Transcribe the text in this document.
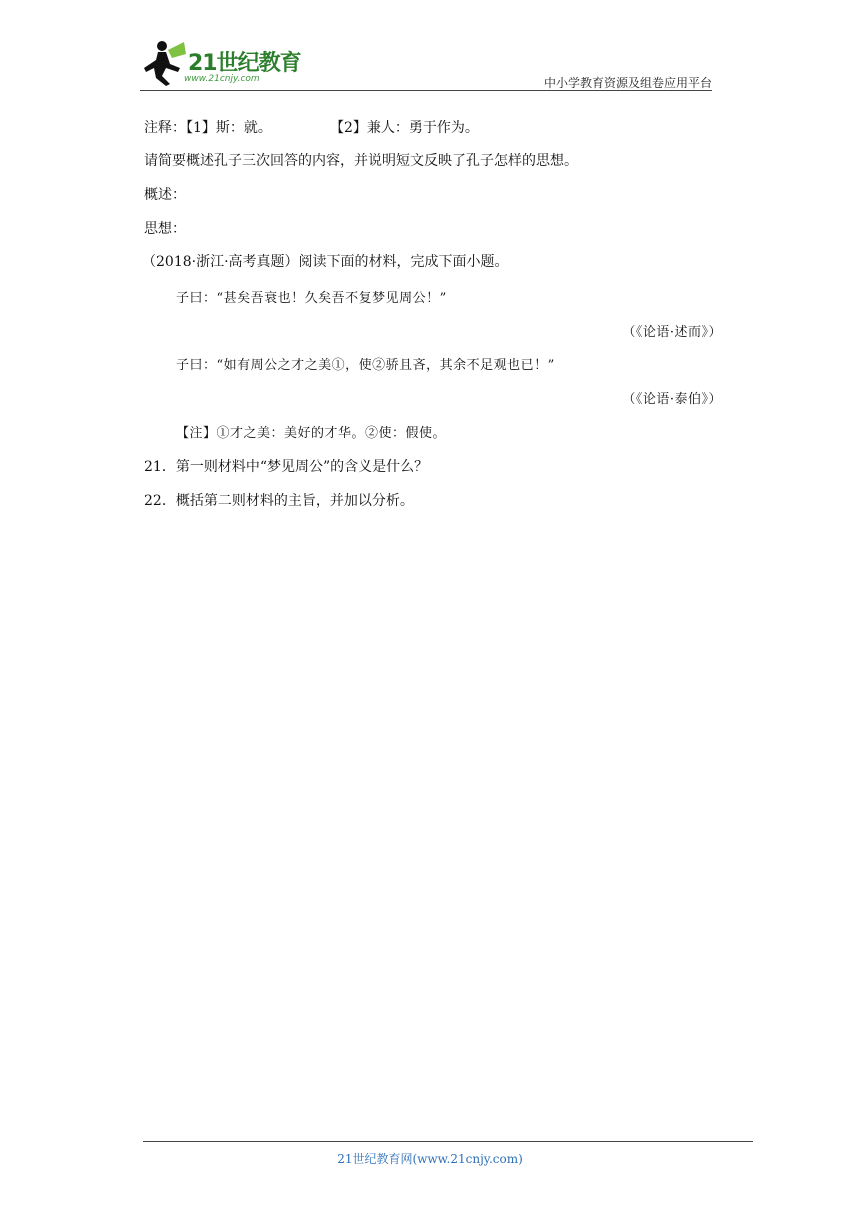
21世纪教育
www.21cnjy.com	中小学教育资源及组卷应用平台
注释：【1】斯：就。	【2】兼人：勇于作为。
请简要概述孔子三次回答的内容，并说明短文反映了孔子怎样的思想。
概述：
思想：
（2018·浙江·高考真题）阅读下面的材料，完成下面小题。
子曰：“甚矣吾衰也！久矣吾不复梦见周公！”
（《论语·述而》）
子曰：“如有周公之才之美①，使②骄且吝，其余不足观也已！”
（《论语·泰伯》）
【注】①才之美：美好的才华。②使：假使。
21．第一则材料中“梦见周公”的含义是什么？
22．概括第二则材料的主旨，并加以分析。
21世纪教育网(www.21cnjy.com)
